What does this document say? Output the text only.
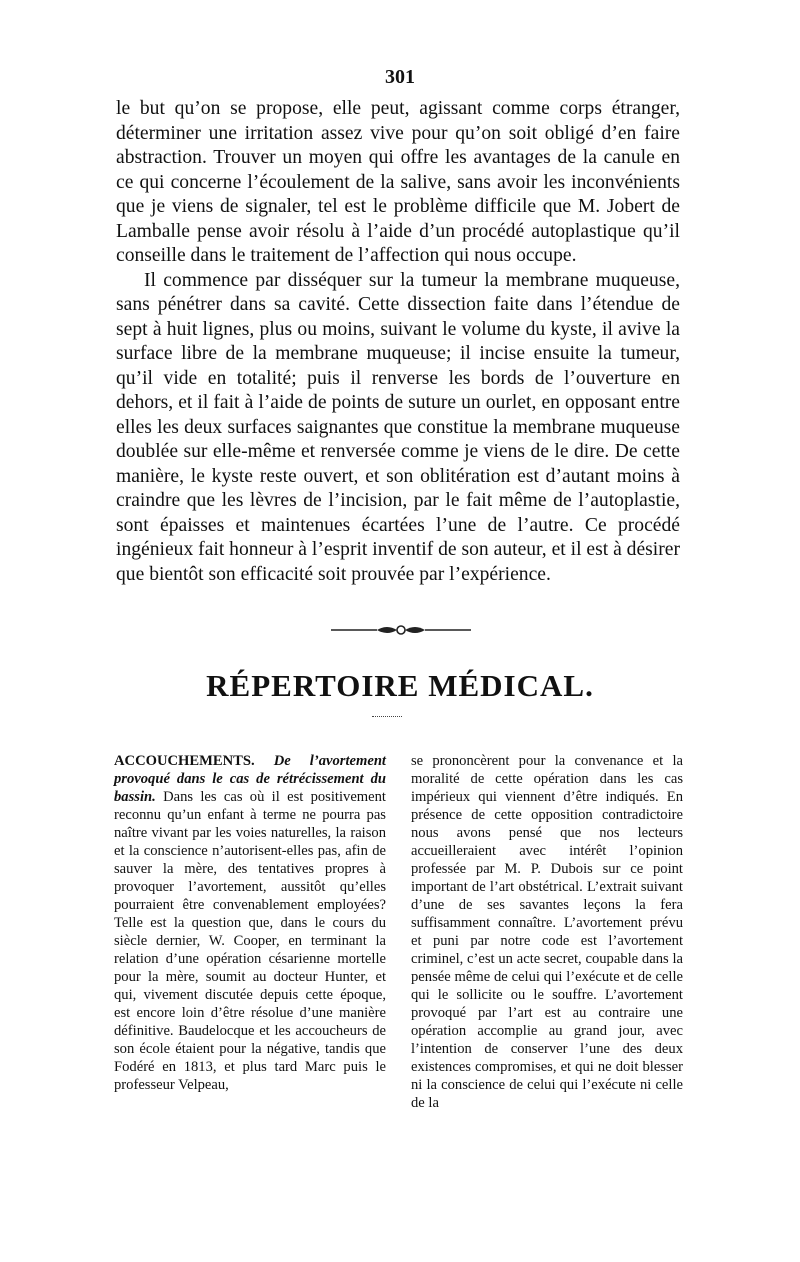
301

le but qu’on se propose, elle peut, agissant comme corps étranger, déterminer une irritation assez vive pour qu’on soit obligé d’en faire abstraction. Trouver un moyen qui offre les avantages de la canule en ce qui concerne l’écoulement de la salive, sans avoir les inconvénients que je viens de signaler, tel est le problème difficile que M. Jobert de Lamballe pense avoir résolu à l’aide d’un procédé autoplastique qu’il conseille dans le traitement de l’affection qui nous occupe.

Il commence par disséquer sur la tumeur la membrane muqueuse, sans pénétrer dans sa cavité. Cette dissection faite dans l’étendue de sept à huit lignes, plus ou moins, suivant le volume du kyste, il avive la surface libre de la membrane muqueuse; il incise ensuite la tumeur, qu’il vide en totalité; puis il renverse les bords de l’ouverture en dehors, et il fait à l’aide de points de suture un ourlet, en opposant entre elles les deux surfaces saignantes que constitue la membrane muqueuse doublée sur elle-même et renversée comme je viens de le dire. De cette manière, le kyste reste ouvert, et son oblitération est d’autant moins à craindre que les lèvres de l’incision, par le fait même de l’autoplastie, sont épaisses et maintenues écartées l’une de l’autre. Ce procédé ingénieux fait honneur à l’esprit inventif de son auteur, et il est à désirer que bientôt son efficacité soit prouvée par l’expérience.

RÉPERTOIRE MÉDICAL.

ACCOUCHEMENTS. De l’avortement provoqué dans le cas de rétrécissement du bassin. Dans les cas où il est positivement reconnu qu’un enfant à terme ne pourra pas naître vivant par les voies naturelles, la raison et la conscience n’autorisent-elles pas, afin de sauver la mère, des tentatives propres à provoquer l’avortement, aussitôt qu’elles pourraient être convenablement employées? Telle est la question que, dans le cours du siècle dernier, W. Cooper, en terminant la relation d’une opération césarienne mortelle pour la mère, soumit au docteur Hunter, et qui, vivement discutée depuis cette époque, est encore loin d’être résolue d’une manière définitive. Baudelocque et les accoucheurs de son école étaient pour la négative, tandis que Fodéré en 1813, et plus tard Marc puis le professeur Velpeau,

se prononcèrent pour la convenance et la moralité de cette opération dans les cas impérieux qui viennent d’être indiqués. En présence de cette opposition contradictoire nous avons pensé que nos lecteurs accueilleraient avec intérêt l’opinion professée par M. P. Dubois sur ce point important de l’art obstétrical. L’extrait suivant d’une de ses savantes leçons la fera suffisamment connaître. L’avortement prévu et puni par notre code est l’avortement criminel, c’est un acte secret, coupable dans la pensée même de celui qui l’exécute et de celle qui le sollicite ou le souffre. L’avortement provoqué par l’art est au contraire une opération accomplie au grand jour, avec l’intention de conserver l’une des deux existences compromises, et qui ne doit blesser ni la conscience de celui qui l’exécute ni celle de la
